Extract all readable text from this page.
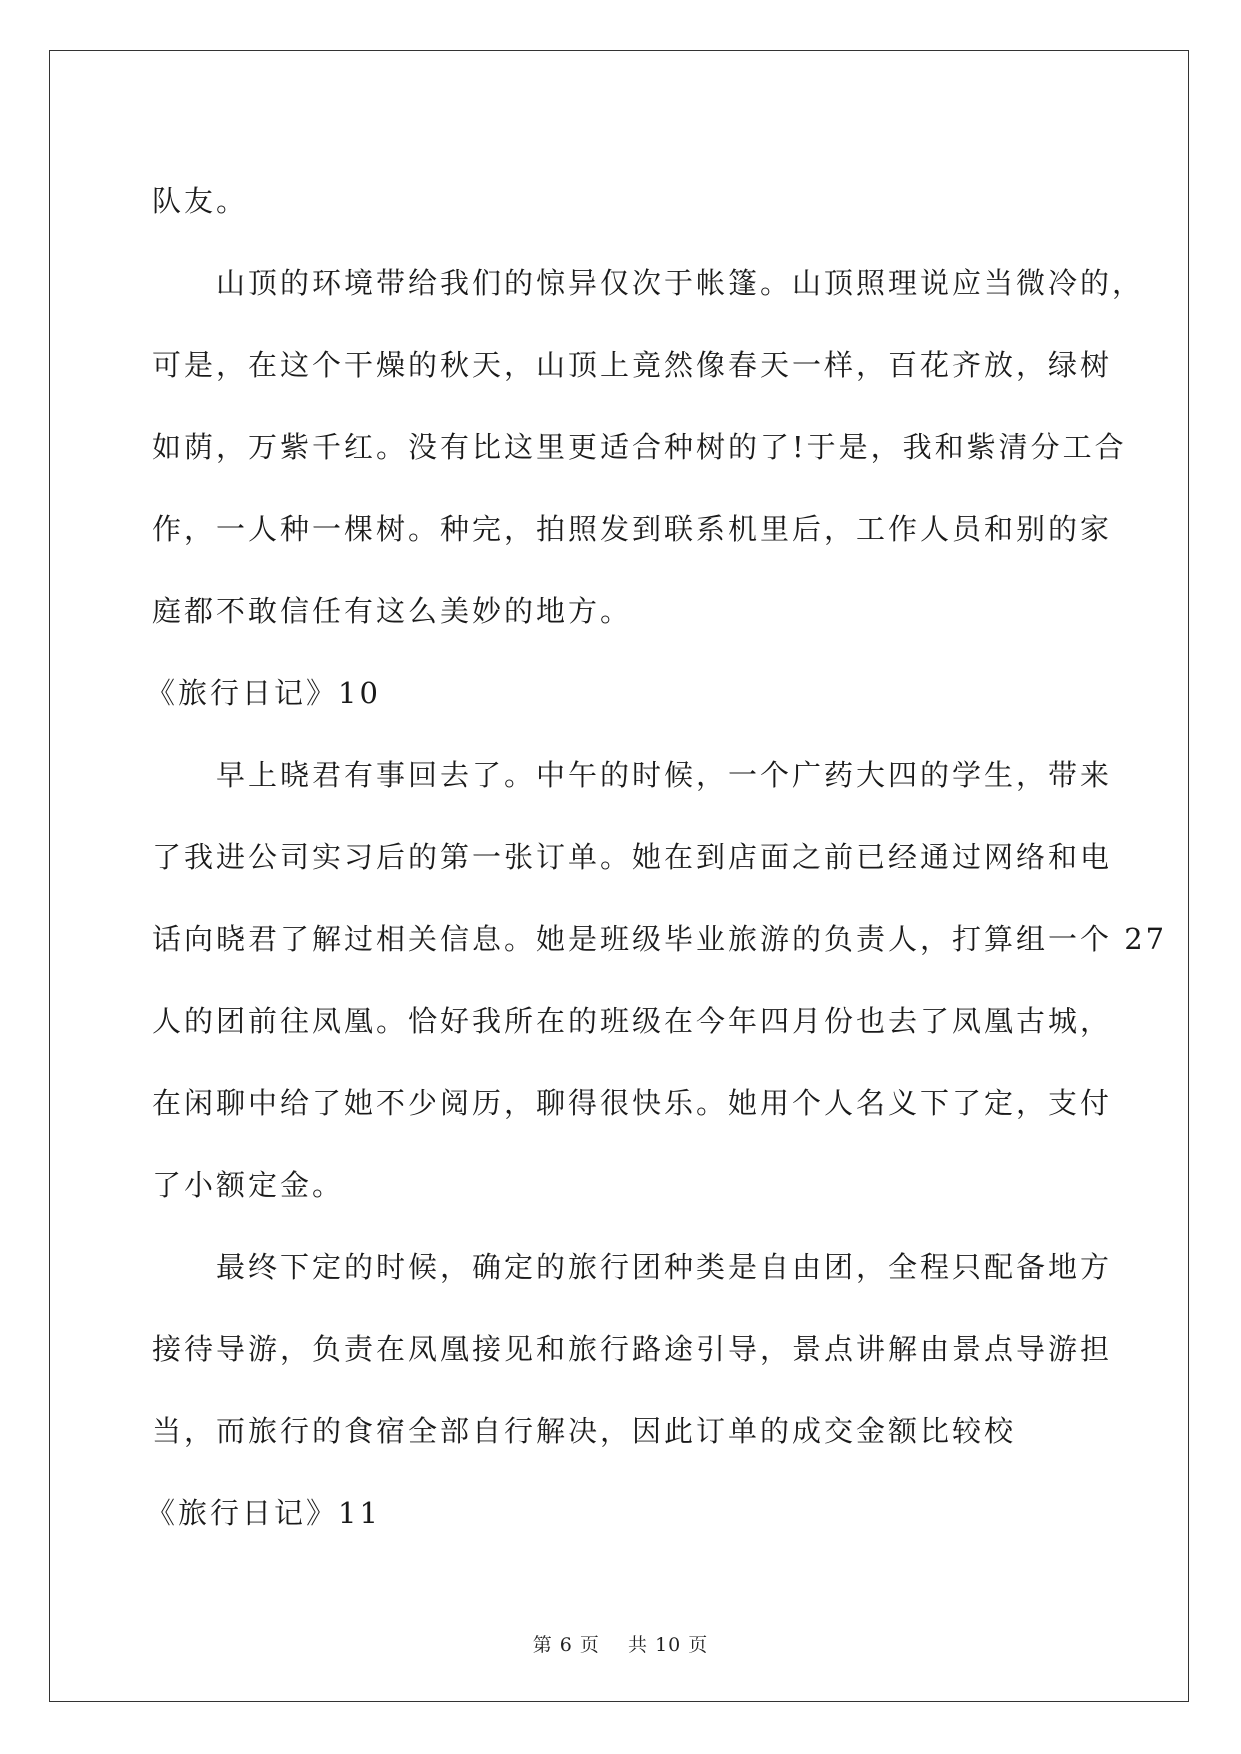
队友。
山顶的环境带给我们的惊异仅次于帐篷。山顶照理说应当微冷的，
可是，在这个干燥的秋天，山顶上竟然像春天一样，百花齐放，绿树
如荫，万紫千红。没有比这里更适合种树的了!于是，我和紫清分工合
作，一人种一棵树。种完，拍照发到联系机里后，工作人员和别的家
庭都不敢信任有这么美妙的地方。
《旅行日记》10
早上晓君有事回去了。中午的时候，一个广药大四的学生，带来
了我进公司实习后的第一张订单。她在到店面之前已经通过网络和电
话向晓君了解过相关信息。她是班级毕业旅游的负责人，打算组一个 27
人的团前往凤凰。恰好我所在的班级在今年四月份也去了凤凰古城，
在闲聊中给了她不少阅历，聊得很快乐。她用个人名义下了定，支付
了小额定金。
最终下定的时候，确定的旅行团种类是自由团，全程只配备地方
接待导游，负责在凤凰接见和旅行路途引导，景点讲解由景点导游担
当，而旅行的食宿全部自行解决，因此订单的成交金额比较校
《旅行日记》11
第 6 页 共 10 页
